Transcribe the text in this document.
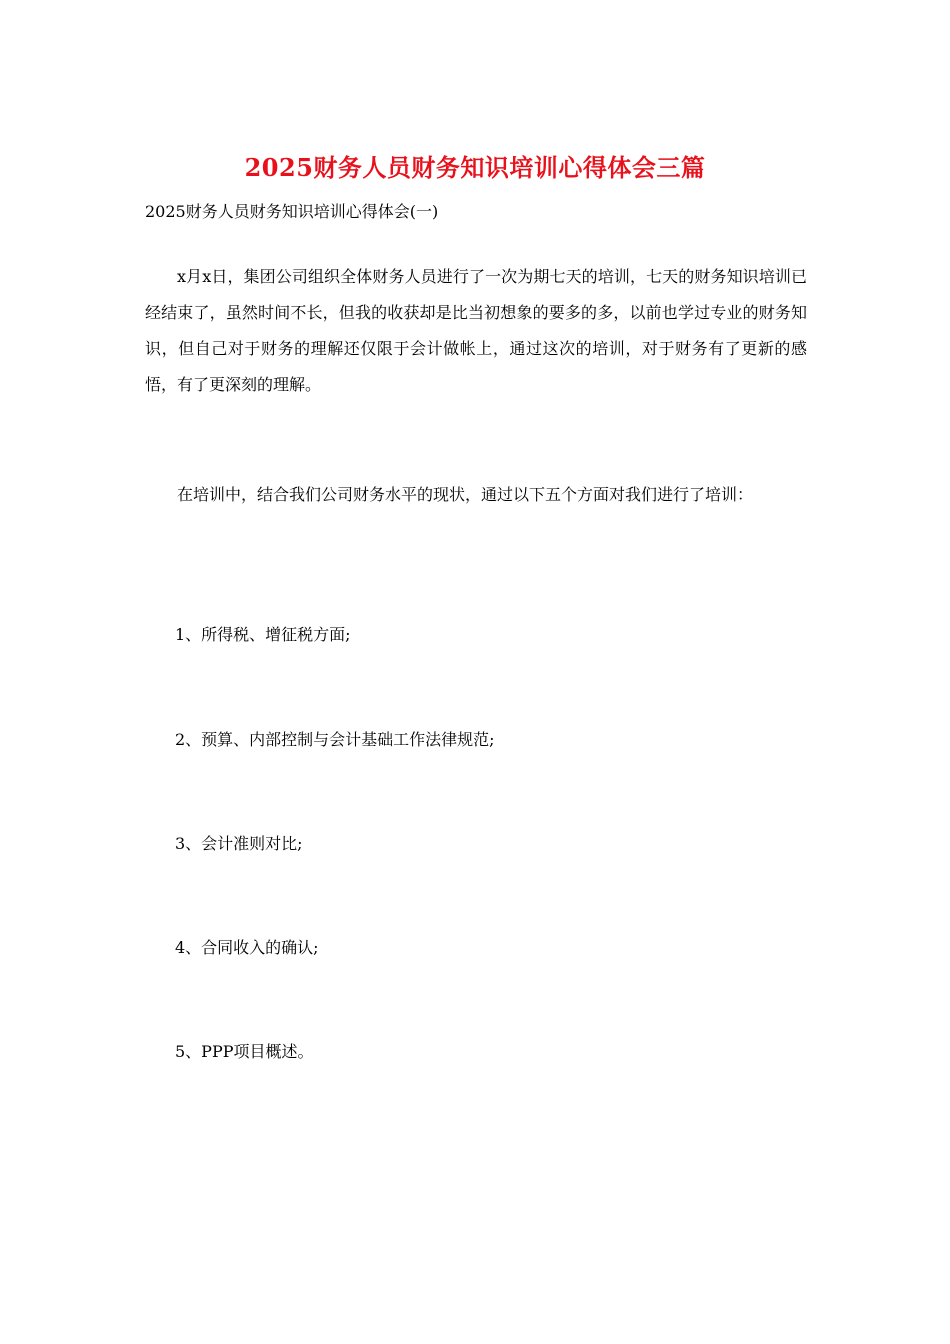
2025财务人员财务知识培训心得体会三篇
2025财务人员财务知识培训心得体会(一)

x月x日，集团公司组织全体财务人员进行了一次为期七天的培训，七天的财务知识培训已经结束了，虽然时间不长，但我的收获却是比当初想象的要多的多，以前也学过专业的财务知识，但自己对于财务的理解还仅限于会计做帐上，通过这次的培训，对于财务有了更新的感悟，有了更深刻的理解。

在培训中，结合我们公司财务水平的现状，通过以下五个方面对我们进行了培训：

1、所得税、增征税方面;
2、预算、内部控制与会计基础工作法律规范;
3、会计准则对比;
4、合同收入的确认;
5、PPP项目概述。
